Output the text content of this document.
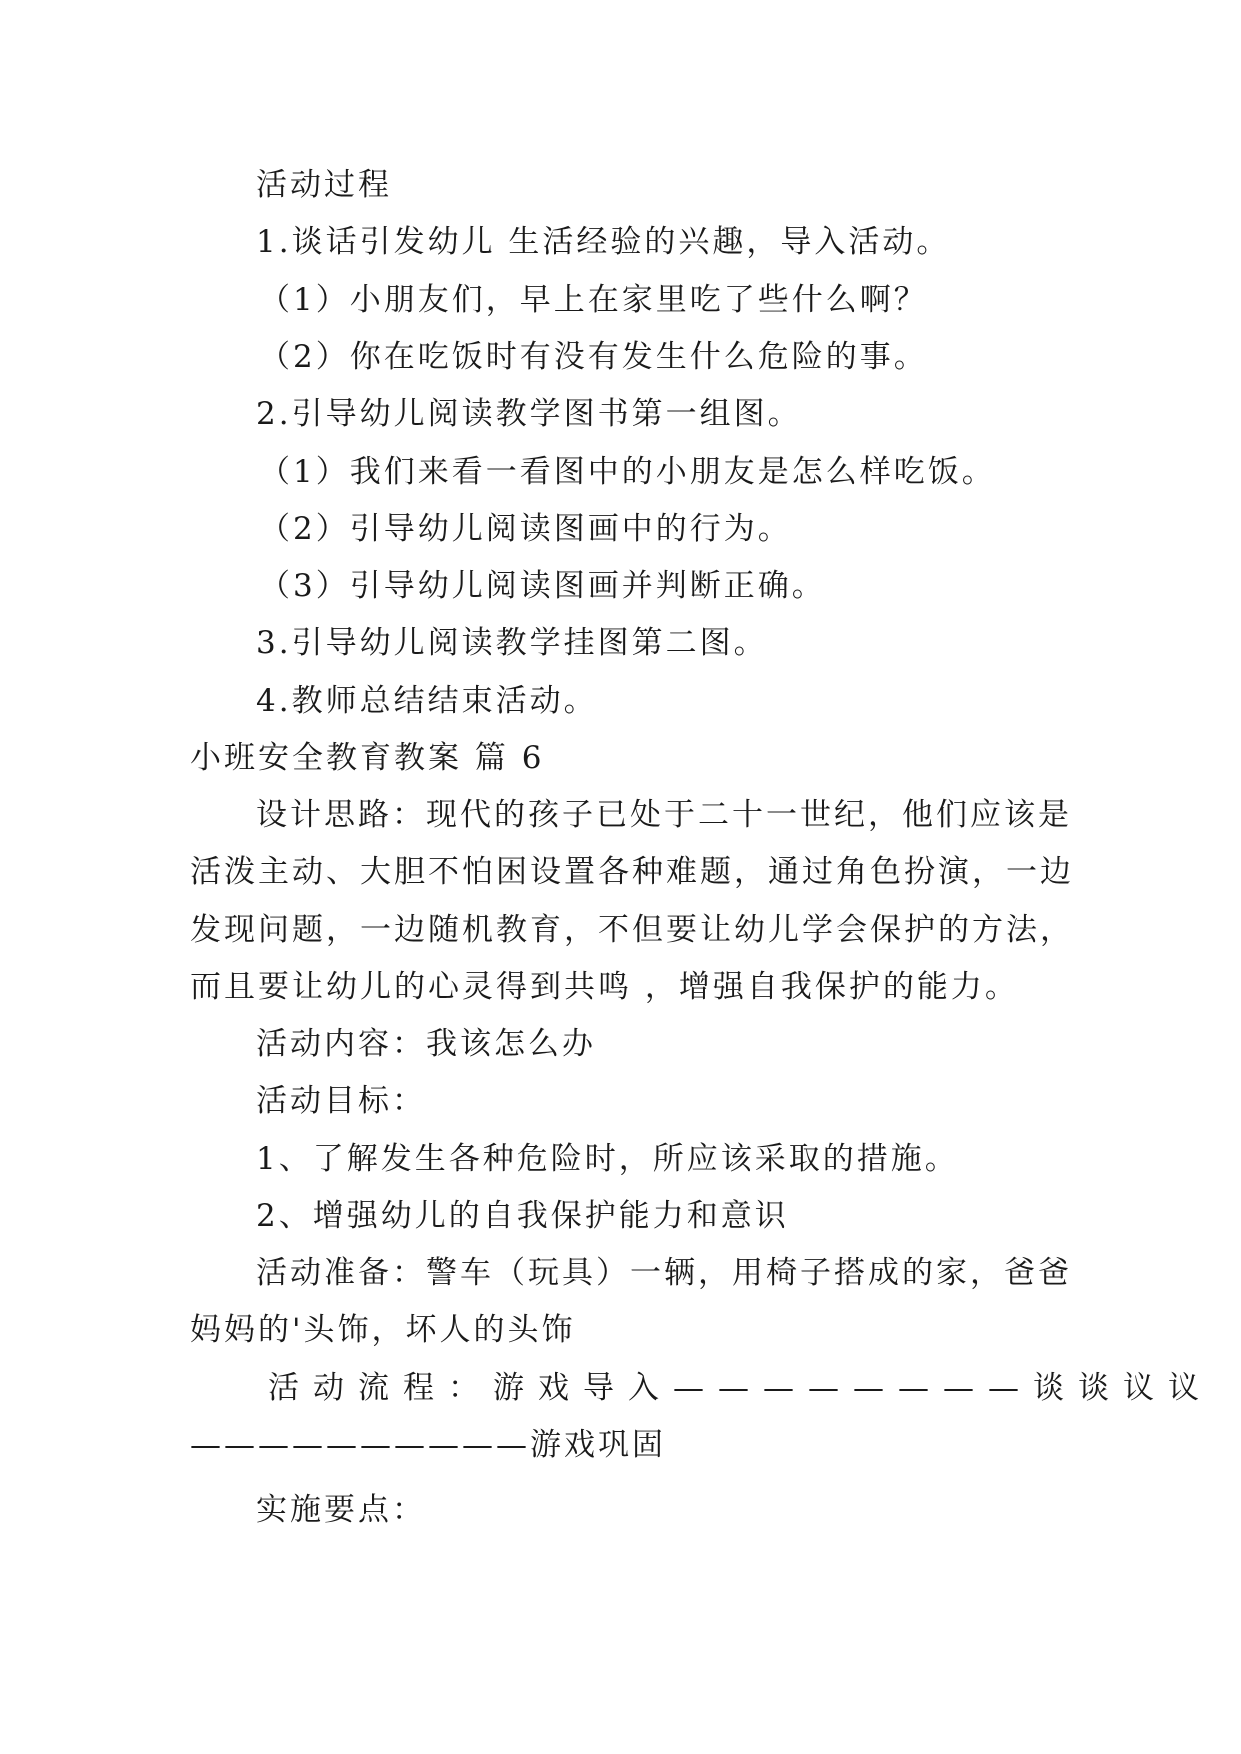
活动过程
1.谈话引发幼儿 生活经验的兴趣，导入活动。
（1）小朋友们，早上在家里吃了些什么啊？
（2）你在吃饭时有没有发生什么危险的事。
2.引导幼儿阅读教学图书第一组图。
（1）我们来看一看图中的小朋友是怎么样吃饭。
（2）引导幼儿阅读图画中的行为。
（3）引导幼儿阅读图画并判断正确。
3.引导幼儿阅读教学挂图第二图。
4.教师总结结束活动。
小班安全教育教案 篇 6
设计思路：现代的孩子已处于二十一世纪，他们应该是
活泼主动、大胆不怕困设置各种难题，通过角色扮演，一边
发现问题，一边随机教育，不但要让幼儿学会保护的方法，
而且要让幼儿的心灵得到共鸣 ，增强自我保护的能力。
活动内容：我该怎么办
活动目标：
1、了解发生各种危险时，所应该采取的措施。
2、增强幼儿的自我保护能力和意识
活动准备：警车（玩具）一辆，用椅子搭成的家，爸爸
妈妈的'头饰，坏人的头饰
活动流程：游戏导入————————谈谈议议
——————————游戏巩固
实施要点：
